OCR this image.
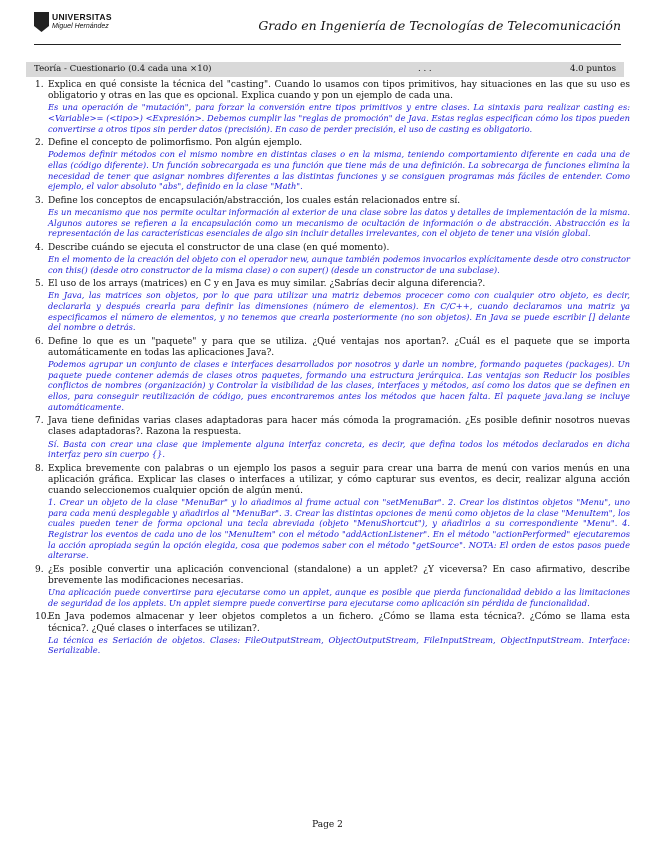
UNIVERSITAS
Miguel Hernández	Grado en Ingeniería de Tecnologías de Telecomunicación
Teoría - Cuestionario (0.4 cada una ×10)	. . .	4.0 puntos
1. Explica en qué consiste la técnica del "casting". Cuando lo usamos con tipos primitivos, hay situaciones en las que su uso es obligatorio y otras en las que es opcional. Explica cuando y pon un ejemplo de cada una.
Es una operación de "mutación", para forzar la conversión entre tipos primitivos y entre clases. La sintaxis para realizar casting es: <Variable>= (<tipo>) <Expresión>. Debemos cumplir las "reglas de promoción" de Java. Estas reglas especifican cómo los tipos pueden convertirse a otros tipos sin perder datos (precisión). En caso de perder precisión, el uso de casting es obligatorio.
2. Define el concepto de polimorfismo. Pon algún ejemplo.
Podemos definir métodos con el mismo nombre en distintas clases o en la misma, teniendo comportamiento diferente en cada una de ellas (código diferente). Un función sobrecargada es una función que tiene más de una definición. La sobrecarga de funciones elimina la necesidad de tener que asignar nombres diferentes a las distintas funciones y se consiguen programas más fáciles de entender. Como ejemplo, el valor absoluto "abs", definido en la clase "Math".
3. Define los conceptos de encapsulación/abstracción, los cuales están relacionados entre sí.
Es un mecanismo que nos permite ocultar información al exterior de una clase sobre las datos y detalles de implementación de la misma. Algunos autores se refieren a la encapsulación como un mecanismo de ocultación de información o de abstracción. Abstracción es la representación de las características esenciales de algo sin incluir detalles irrelevantes, con el objeto de tener una visión global.
4. Describe cuándo se ejecuta el constructor de una clase (en qué momento).
En el momento de la creación del objeto con el operador new, aunque también podemos invocarlos explícitamente desde otro constructor con this() (desde otro constructor de la misma clase) o con super() (desde un constructor de una subclase).
5. El uso de los arrays (matrices) en C y en Java es muy similar. ¿Sabrías decir alguna diferencia?.
En Java, las matrices son objetos, por lo que para utilizar una matriz debemos procecer como con cualquier otro objeto, es decir, declararla y después crearla para definir las dimensiones (número de elementos). En C/C++, cuando declaramos una matriz ya especificamos el número de elementos, y no tenemos que crearla posteriormente (no son objetos). En Java se puede escribir [] delante del nombre o detrás.
6. Define lo que es un "paquete" y para que se utiliza. ¿Qué ventajas nos aportan?. ¿Cuál es el paquete que se importa automáticamente en todas las aplicaciones Java?.
Podemos agrupar un conjunto de clases e interfaces desarrollados por nosotros y darle un nombre, formando paquetes (packages). Un paquete puede contener además de clases otros paquetes, formando una estructura jerárquica. Las ventajas son Reducir los posibles conflictos de nombres (organización) y Controlar la visibilidad de las clases, interfaces y métodos, así como los datos que se definen en ellos, para conseguir reutilización de código, pues encontraremos antes los métodos que hacen falta. El paquete java.lang se incluye automáticamente.
7. Java tiene definidas varias clases adaptadoras para hacer más cómoda la programación. ¿Es posible definir nosotros nuevas clases adaptadoras?. Razona la respuesta.
Sí. Basta con crear una clase que implemente alguna interfaz concreta, es decir, que defina todos los métodos declarados en dicha interfaz pero sin cuerpo {}.
8. Explica brevemente con palabras o un ejemplo los pasos a seguir para crear una barra de menú con varios menús en una aplicación gráfica. Explicar las clases o interfaces a utilizar, y cómo capturar sus eventos, es decir, realizar alguna acción cuando seleccionemos cualquier opción de algún menú.
1. Crear un objeto de la clase "MenuBar" y lo añadimos al frame actual con "setMenuBar". 2. Crear los distintos objetos "Menu", uno para cada menú desplegable y añadirlos al "MenuBar". 3. Crear las distintas opciones de menú como objetos de la clase "MenuItem", los cuales pueden tener de forma opcional una tecla abreviada (objeto "MenuShortcut"), y añadirlos a su correspondiente "Menu". 4. Registrar los eventos de cada uno de los "MenuItem" con el método "addActionListener". En el método "actionPerformed" ejecutaremos la acción apropiada según la opción elegida, cosa que podemos saber con el método "getSource". NOTA: El orden de estos pasos puede alterarse.
9. ¿Es posible convertir una aplicación convencional (standalone) a un applet? ¿Y viceversa? En caso afirmativo, describe brevemente las modificaciones necesarias.
Una aplicación puede convertirse para ejecutarse como un applet, aunque es posible que pierda funcionalidad debido a las limitaciones de seguridad de los applets. Un applet siempre puede convertirse para ejecutarse como aplicación sin pérdida de funcionalidad.
10.
En Java podemos almacenar y leer objetos completos a un fichero. ¿Cómo se llama esta técnica?. ¿Cómo se llama esta técnica?. ¿Qué clases o interfaces se utilizan?.
La técnica es Seriación de objetos. Clases: FileOutputStream, ObjectOutputStream, FileInputStream, ObjectInputStream. Interface: Serializable.
Page 2
